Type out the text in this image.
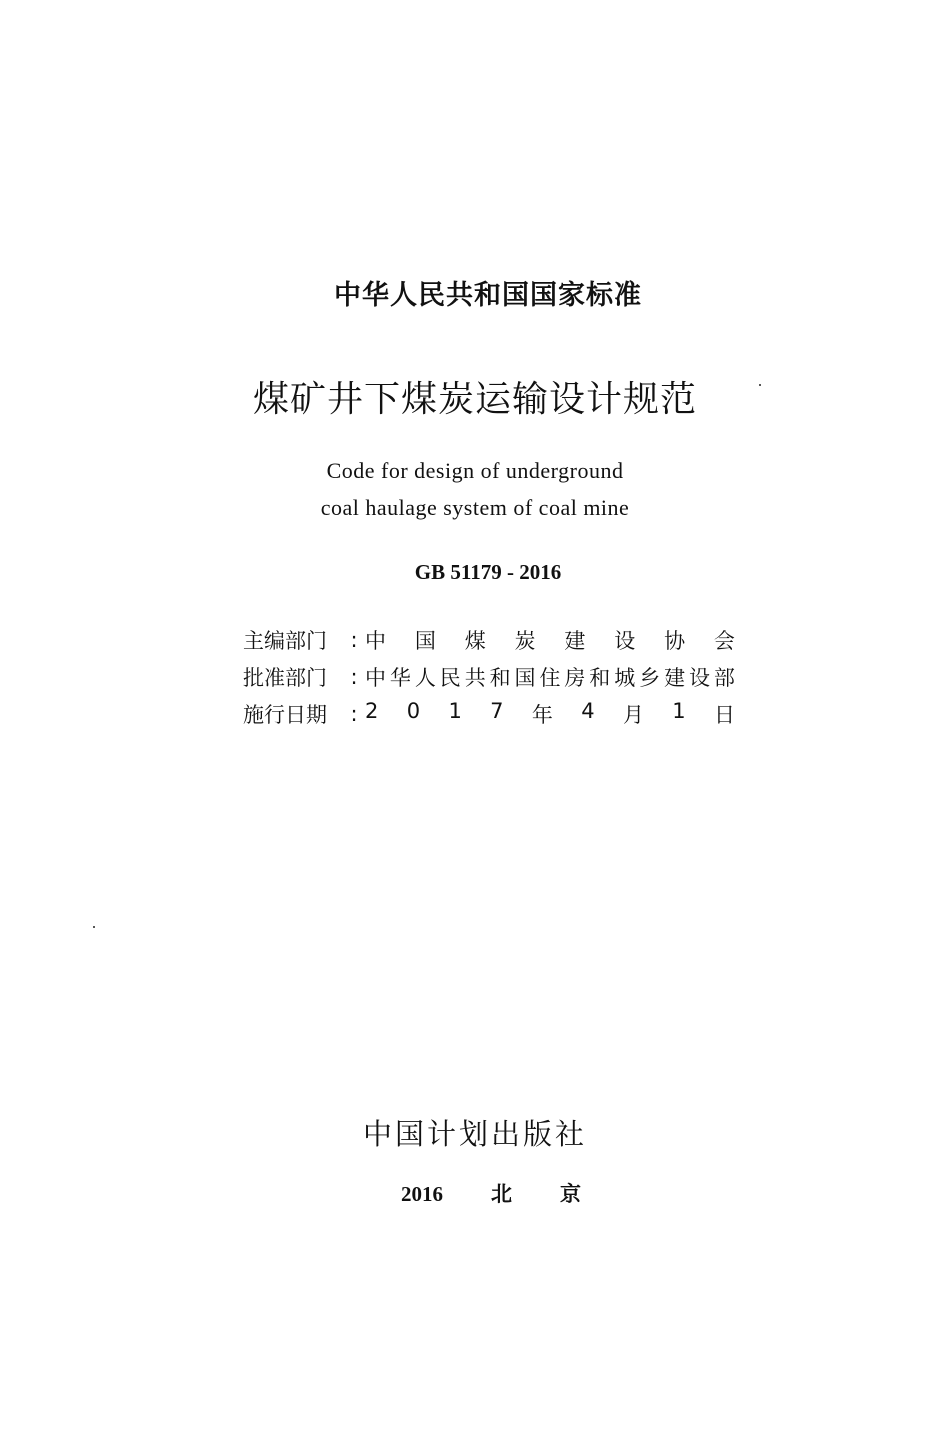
中华人民共和国国家标准
煤矿井下煤炭运输设计规范
Code for design of underground
coal haulage system of coal mine
GB 51179 - 2016
主编部门	: 中 国 煤 炭 建 设 协 会
批准部门	: 中 华 人 民 共 和 国 住 房 和 城 乡 建 设 部
施行日期	: 2 0 1 7 年 4 月 1 日
中国计划出版社
2016 北 京
